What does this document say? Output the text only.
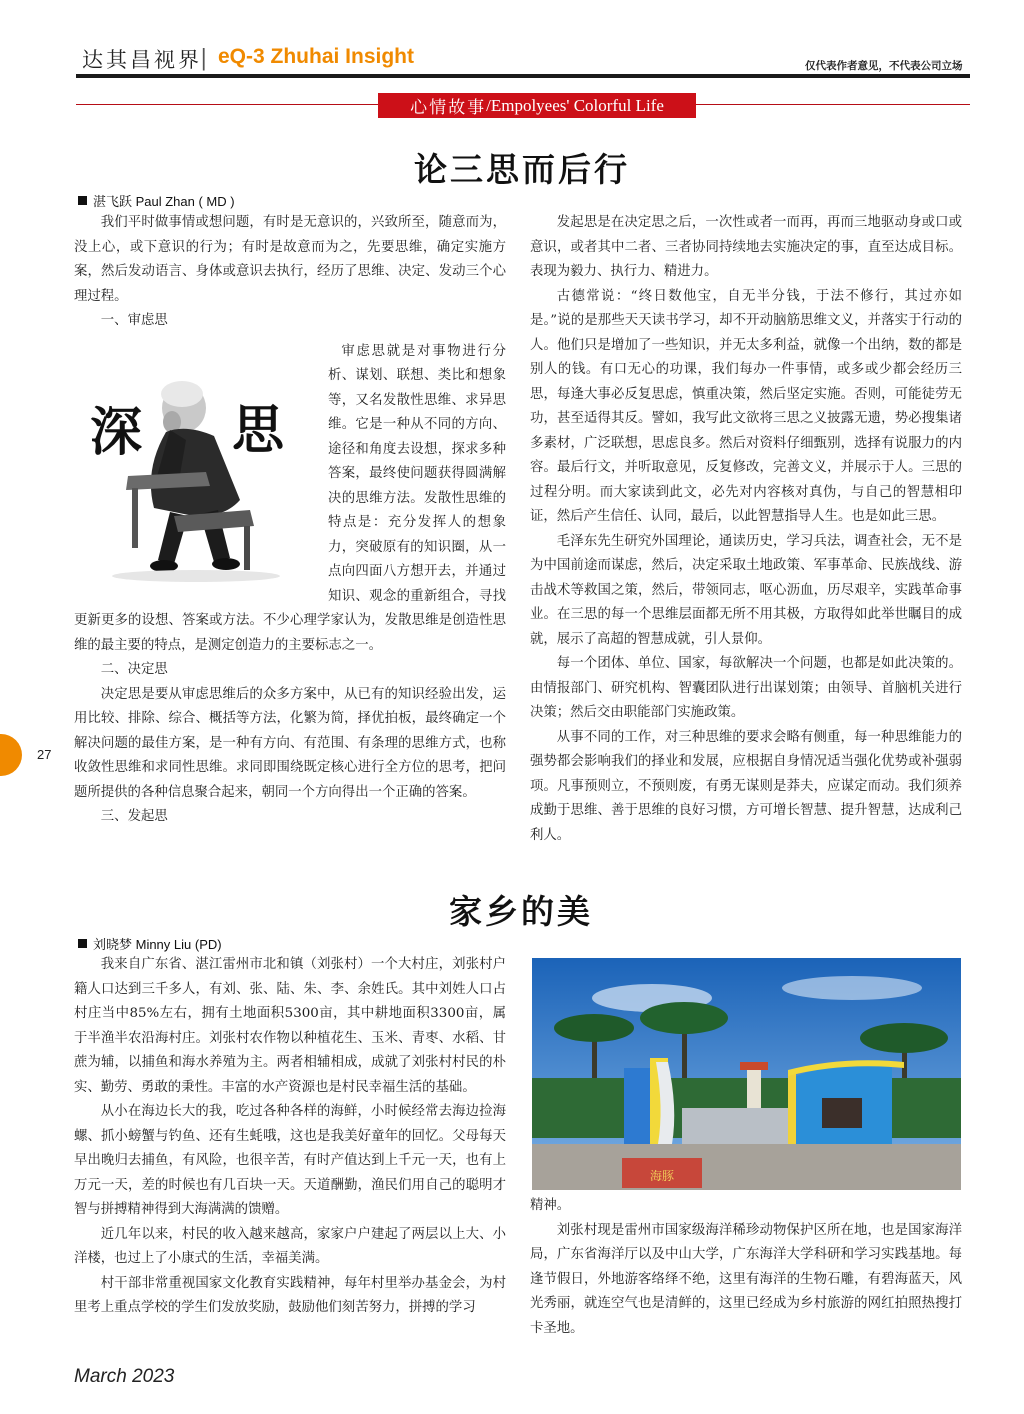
达其昌视界
| eQ-3 Zhuhai Insight	仅代表作者意见，不代表公司立场
心情故事 /Empolyees' Colorful Life
论三思而后行
湛飞跃 Paul Zhan ( MD )

我们平时做事情或想问题，有时是无意识的，兴致所至，随意而为，没上心，或下意识的行为；有时是故意而为之，先要思维，确定实施方案，然后发动语言、身体或意识去执行，经历了思维、决定、发动三个心理过程。

一、审虑思

深 思

审虑思就是对事物进行分析、谋划、联想、类比和想象等，又名发散性思维、求异思维。它是一种从不同的方向、途径和角度去设想，探求多种答案，最终使问题获得圆满解决的思维方法。发散性思维的特点是：充分发挥人的想象力，突破原有的知识圈，从一点向四面八方想开去，并通过知识、观念的重新组合，寻找更新更多的设想、答案或方法。不少心理学家认为，发散思维是创造性思维的最主要的特点，是测定创造力的主要标志之一。

二、决定思

决定思是要从审虑思维后的众多方案中，从已有的知识经验出发，运用比较、排除、综合、概括等方法，化繁为简，择优拍板，最终确定一个解决问题的最佳方案，是一种有方向、有范围、有条理的思维方式，也称收敛性思维和求同性思维。求同即围绕既定核心进行全方位的思考，把问题所提供的各种信息聚合起来，朝同一个方向得出一个正确的答案。

三、发起思

发起思是在决定思之后，一次性或者一而再，再而三地驱动身或口或意识，或者其中二者、三者协同持续地去实施决定的事，直至达成目标。表现为毅力、执行力、精进力。

古德常说：“终日数他宝，自无半分钱，于法不修行，其过亦如是。”说的是那些天天读书学习，却不开动脑筋思维文义，并落实于行动的人。他们只是增加了一些知识，并无太多利益，就像一个出纳，数的都是别人的钱。有口无心的功课，我们每办一件事情，或多或少都会经历三思，每逢大事必反复思虑，慎重决策，然后坚定实施。否则，可能徒劳无功，甚至适得其反。譬如，我写此文欲将三思之义披露无遗，势必搜集诸多素材，广泛联想，思虑良多。然后对资料仔细甄别，选择有说服力的内容。最后行文，并听取意见，反复修改，完善文义，并展示于人。三思的过程分明。而大家读到此文，必先对内容核对真伪，与自己的智慧相印证，然后产生信任、认同，最后，以此智慧指导人生。也是如此三思。

毛泽东先生研究外国理论，通读历史，学习兵法，调查社会，无不是为中国前途而谋虑，然后，决定采取土地政策、军事革命、民族战线、游击战术等救国之策，然后，带领同志，呕心沥血，历尽艰辛，实践革命事业。在三思的每一个思维层面都无所不用其极，方取得如此举世瞩目的成就，展示了高超的智慧成就，引人景仰。

每一个团体、单位、国家，每欲解决一个问题，也都是如此决策的。由情报部门、研究机构、智囊团队进行出谋划策；由领导、首脑机关进行决策；然后交由职能部门实施政策。

从事不同的工作，对三种思维的要求会略有侧重，每一种思维能力的强势都会影响我们的择业和发展，应根据自身情况适当强化优势或补强弱项。凡事预则立，不预则废，有勇无谋则是莽夫，应谋定而动。我们须养成勤于思维、善于思维的良好习惯，方可增长智慧、提升智慧，达成利己利人。

家乡的美
刘晓梦 Minny Liu (PD)

我来自广东省、湛江雷州市北和镇（刘张村）一个大村庄，刘张村户籍人口达到三千多人，有刘、张、陆、朱、李、余姓氏。其中刘姓人口占村庄当中85%左右，拥有土地面积5300亩，其中耕地面积3300亩，属于半渔半农沿海村庄。刘张村农作物以种植花生、玉米、青枣、水稻、甘蔗为辅，以捕鱼和海水养殖为主。两者相辅相成，成就了刘张村村民的朴实、勤劳、勇敢的秉性。丰富的水产资源也是村民幸福生活的基础。

从小在海边长大的我，吃过各种各样的海鲜，小时候经常去海边捡海螺、抓小螃蟹与钓鱼、还有生蚝哦，这也是我美好童年的回忆。父母每天早出晚归去捕鱼，有风险，也很辛苦，有时产值达到上千元一天，也有上万元一天，差的时候也有几百块一天。天道酬勤，渔民们用自己的聪明才智与拼搏精神得到大海满满的馈赠。

近几年以来，村民的收入越来越高，家家户户建起了两层以上大、小洋楼，也过上了小康式的生活，幸福美满。

村干部非常重视国家文化教育实践精神，每年村里举办基金会，为村里考上重点学校的学生们发放奖励，鼓励他们刻苦努力，拼搏的学习

海豚

精神。

刘张村现是雷州市国家级海洋稀珍动物保护区所在地，也是国家海洋局，广东省海洋厅以及中山大学，广东海洋大学科研和学习实践基地。每逢节假日，外地游客络绎不绝，这里有海洋的生物石雕，有碧海蓝天，风光秀丽，就连空气也是清鲜的，这里已经成为乡村旅游的网红拍照热搜打卡圣地。

27
March 2023
